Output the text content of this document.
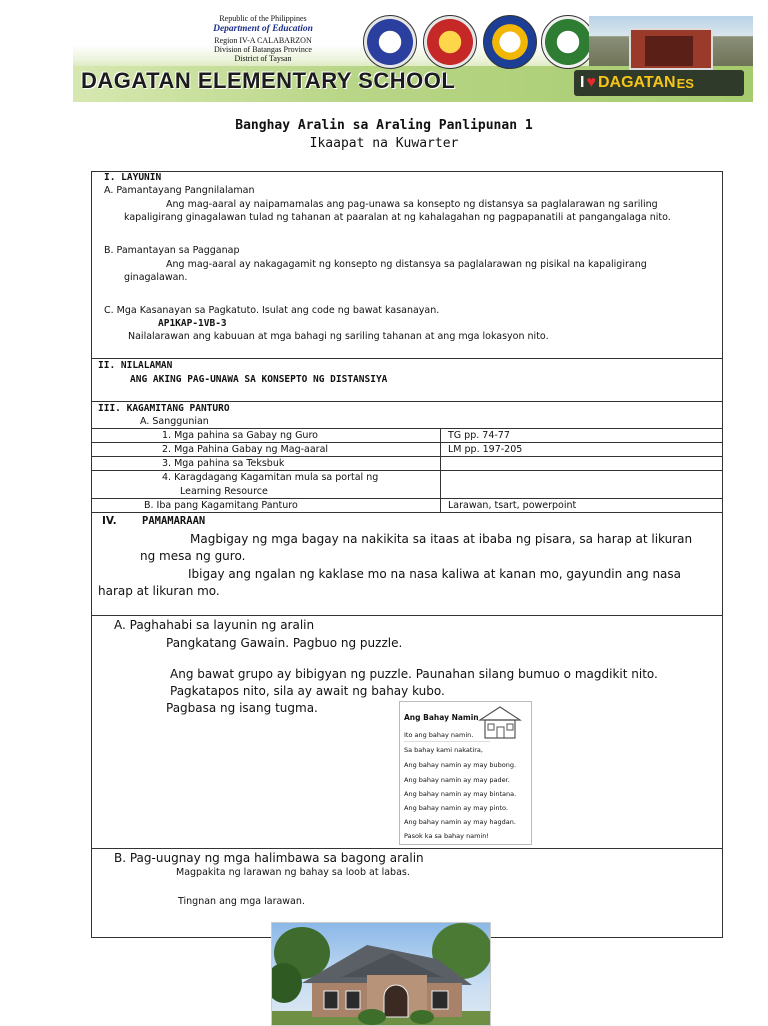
Republic of the Philippines
Department of Education
Region IV-A CALABARZON
Division of Batangas Province
District of Taysan
DAGATAN ELEMENTARY SCHOOL	I ♥ DAGATAN ES
Banghay Aralin sa Araling Panlipunan 1
Ikaapat na Kuwarter
I. LAYUNIN
A. Pamantayang Pangnilalaman
Ang mag-aaral ay naipamamalas ang pag-unawa sa konsepto ng distansya sa paglalarawan ng sariling
kapaligirang ginagalawan tulad ng tahanan at paaralan at ng kahalagahan ng pagpapanatili at pangangalaga nito.
B. Pamantayan sa Pagganap
Ang mag-aaral ay nakagagamit ng konsepto ng distansya sa paglalarawan ng pisikal na kapaligirang
ginagalawan.
C. Mga Kasanayan sa Pagkatuto. Isulat ang code ng bawat kasanayan.
AP1KAP-1VB-3
Nailalarawan ang kabuuan at mga bahagi ng sariling tahanan at ang mga lokasyon nito.
II. NILALAMAN
ANG AKING PAG-UNAWA SA KONSEPTO NG DISTANSIYA
III. KAGAMITANG PANTURO
A. Sanggunian
1. Mga pahina sa Gabay ng Guro	TG pp. 74-77
2. Mga Pahina Gabay ng Mag-aaral	LM pp. 197-205
3. Mga pahina sa Teksbuk
4. Karagdagang Kagamitan mula sa portal ng
Learning Resource
B. Iba pang Kagamitang Panturo	Larawan, tsart, powerpoint
IV. PAMAMARAAN
Magbigay ng mga bagay na nakikita sa itaas at ibaba ng pisara, sa harap at likuran
ng mesa ng guro.
Ibigay ang ngalan ng kaklase mo na nasa kaliwa at kanan mo, gayundin ang nasa
harap at likuran mo.
A. Paghahabi sa layunin ng aralin
Pangkatang Gawain. Pagbuo ng puzzle.
Ang bawat grupo ay bibigyan ng puzzle. Paunahan silang bumuo o magdikit nito.
Pagkatapos nito, sila ay await ng bahay kubo.
Pagbasa ng isang tugma.
Ang Bahay Namin
Ito ang bahay namin.
Sa bahay kami nakatira,
Ang bahay namin ay may bubong.
Ang bahay namin ay may pader.
Ang bahay namin ay may bintana.
Ang bahay namin ay may pinto.
Ang bahay namin ay may hagdan.
Pasok ka sa bahay namin!
B. Pag-uugnay ng mga halimbawa sa bagong aralin
Magpakita ng larawan ng bahay sa loob at labas.
Tingnan ang mga larawan.
